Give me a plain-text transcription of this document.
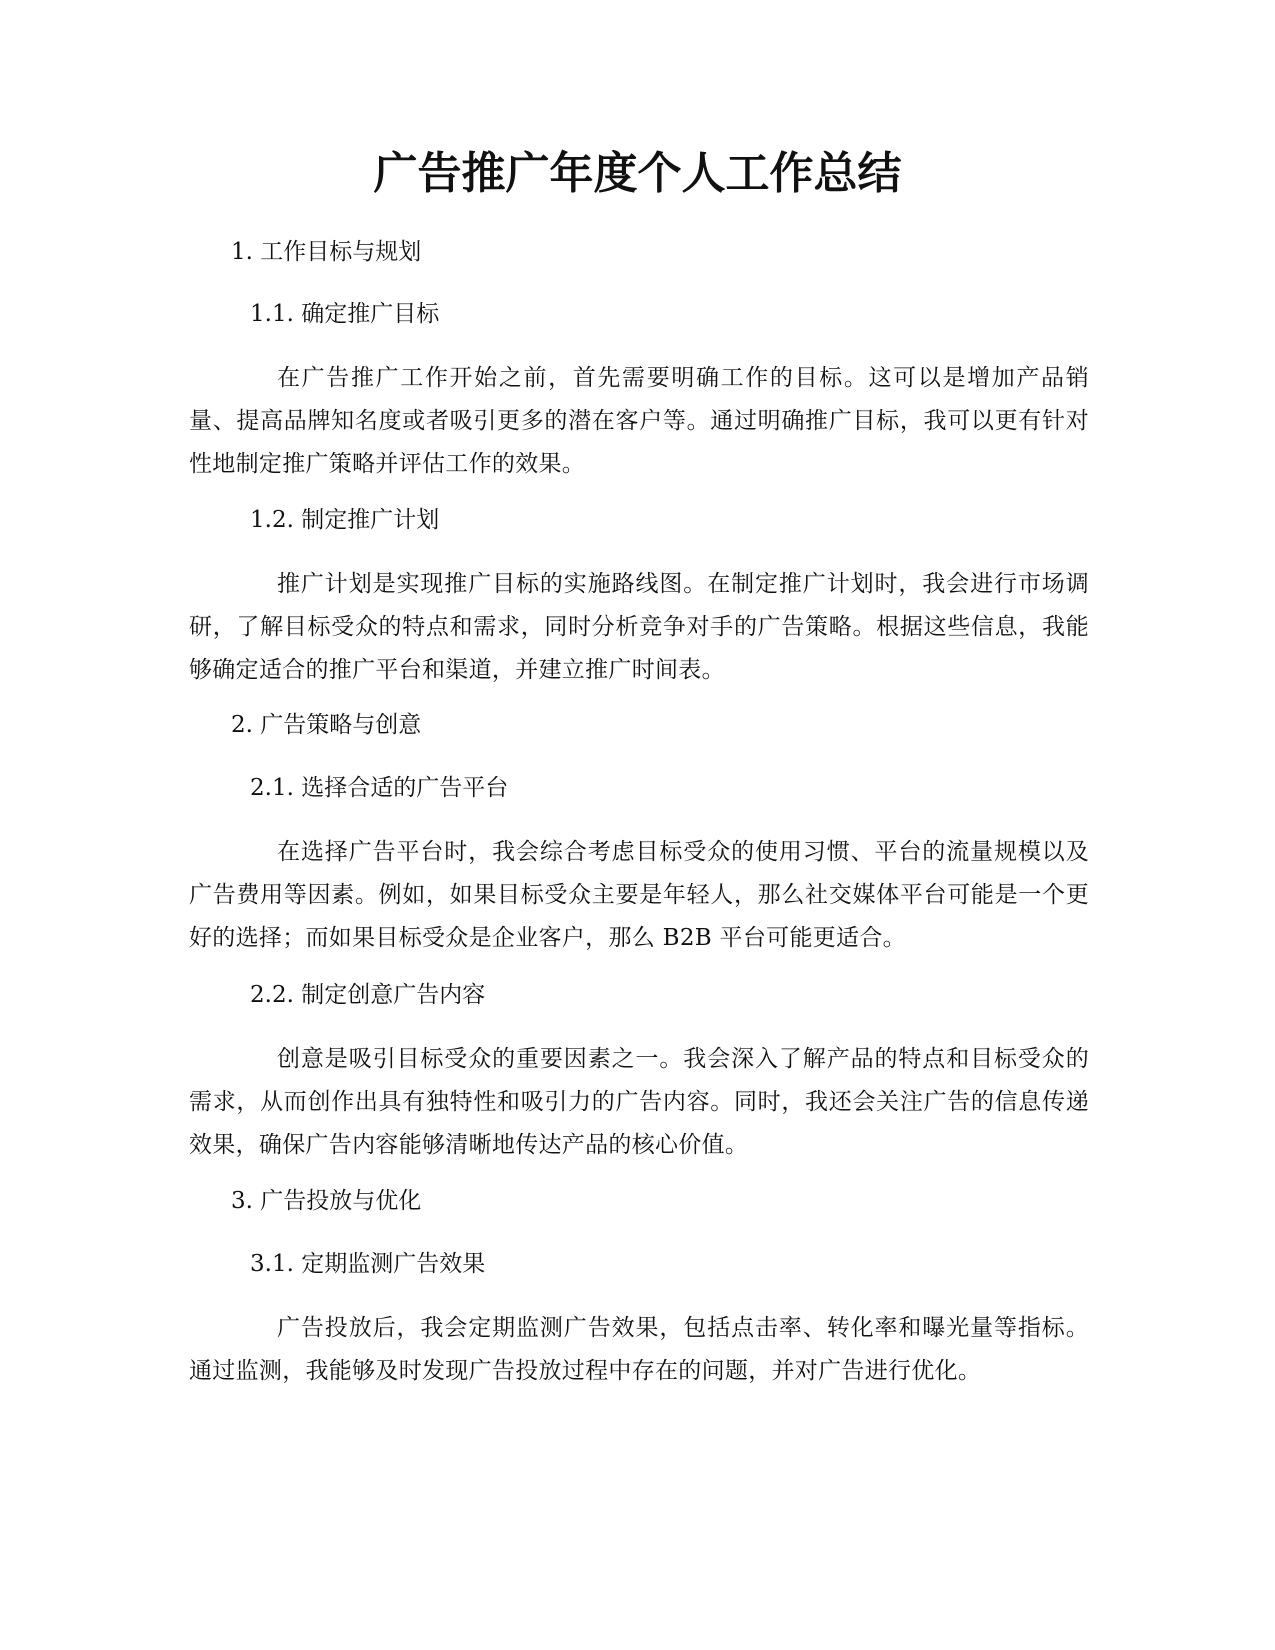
广告推广年度个人工作总结
1. 工作目标与规划
1.1. 确定推广目标

在广告推广工作开始之前，首先需要明确工作的目标。这可以是增加产品销量、提高品牌知名度或者吸引更多的潜在客户等。通过明确推广目标，我可以更有针对性地制定推广策略并评估工作的效果。

1.2. 制定推广计划

推广计划是实现推广目标的实施路线图。在制定推广计划时，我会进行市场调研，了解目标受众的特点和需求，同时分析竞争对手的广告策略。根据这些信息，我能够确定适合的推广平台和渠道，并建立推广时间表。

2. 广告策略与创意
2.1. 选择合适的广告平台

在选择广告平台时，我会综合考虑目标受众的使用习惯、平台的流量规模以及广告费用等因素。例如，如果目标受众主要是年轻人，那么社交媒体平台可能是一个更好的选择；而如果目标受众是企业客户，那么 B2B 平台可能更适合。

2.2. 制定创意广告内容

创意是吸引目标受众的重要因素之一。我会深入了解产品的特点和目标受众的需求，从而创作出具有独特性和吸引力的广告内容。同时，我还会关注广告的信息传递效果，确保广告内容能够清晰地传达产品的核心价值。

3. 广告投放与优化
3.1. 定期监测广告效果

广告投放后，我会定期监测广告效果，包括点击率、转化率和曝光量等指标。通过监测，我能够及时发现广告投放过程中存在的问题，并对广告进行优化。
